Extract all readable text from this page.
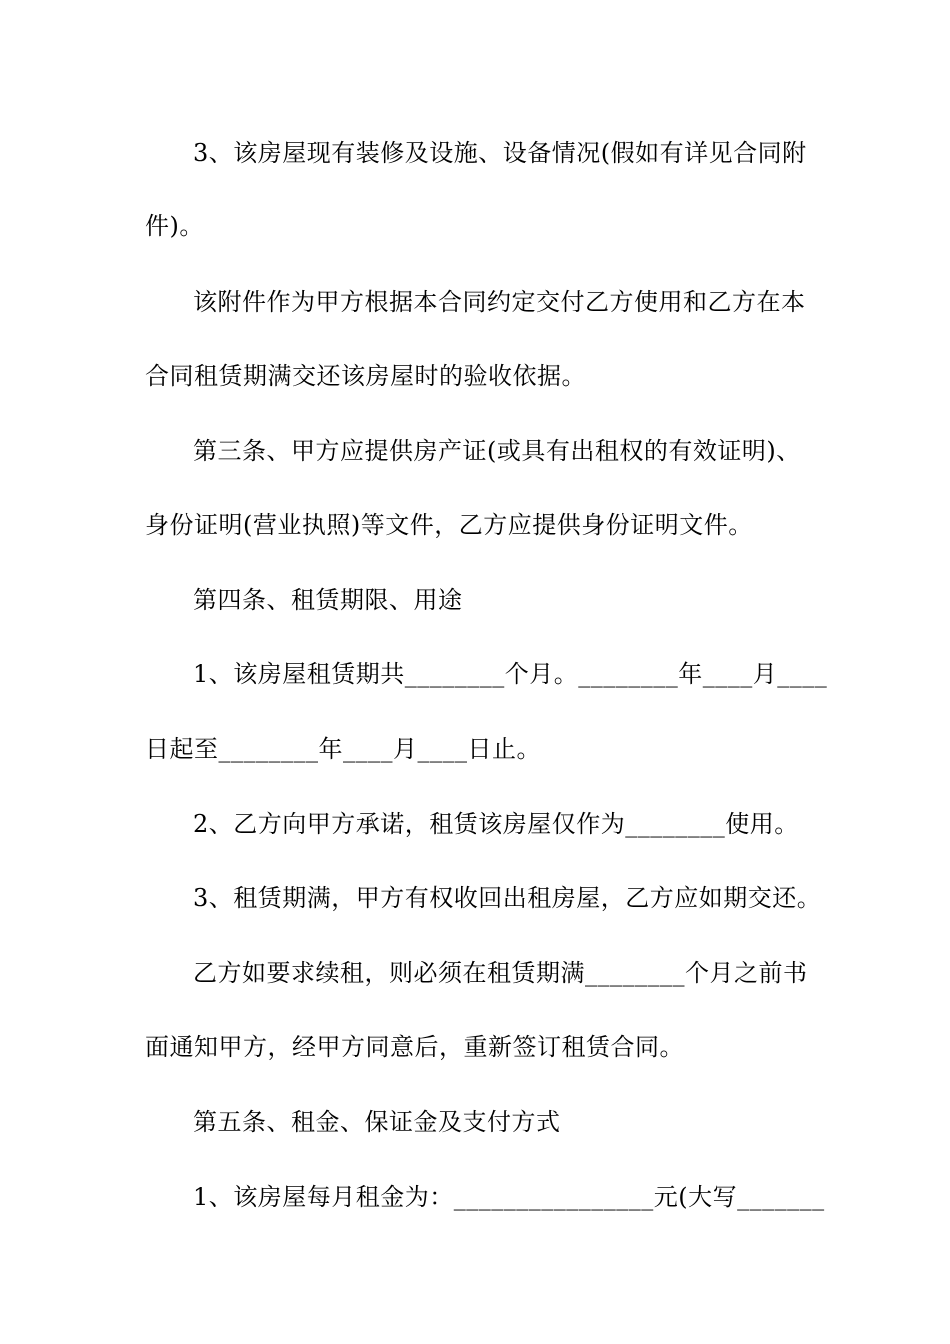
3、该房屋现有装修及设施、设备情况(假如有详见合同附
件)。
该附件作为甲方根据本合同约定交付乙方使用和乙方在本
合同租赁期满交还该房屋时的验收依据。
第三条、甲方应提供房产证(或具有出租权的有效证明)、
身份证明(营业执照)等文件，乙方应提供身份证明文件。
第四条、租赁期限、用途
1、该房屋租赁期共________个月。________年____月____
日起至________年____月____日止。
2、乙方向甲方承诺，租赁该房屋仅作为________使用。
3、租赁期满，甲方有权收回出租房屋，乙方应如期交还。
乙方如要求续租，则必须在租赁期满________个月之前书
面通知甲方，经甲方同意后，重新签订租赁合同。
第五条、租金、保证金及支付方式
1、该房屋每月租金为：________________元(大写_______
